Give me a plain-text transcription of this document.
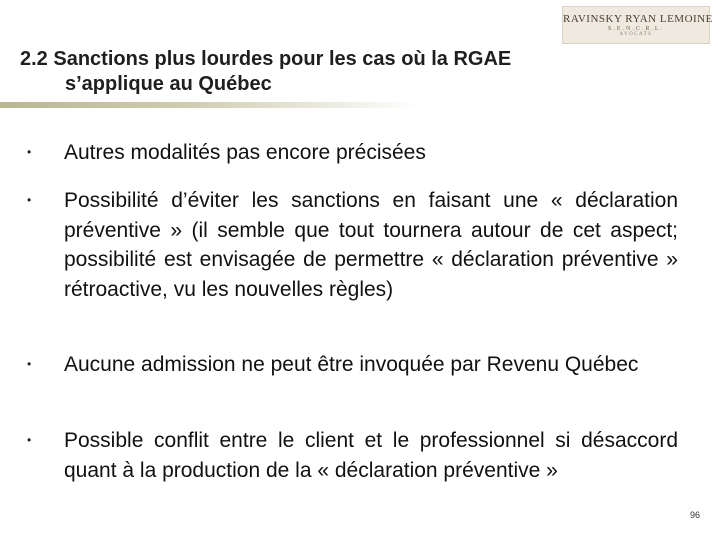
RAVINSKY RYAN LEMOINE
S.E.N.C.R.L.
AVOCATS
2.2 Sanctions plus lourdes pour les cas où la RGAE
s’applique au Québec
• Autres modalités pas encore précisées
• Possibilité d’éviter les sanctions en faisant une « déclaration préventive » (il semble que tout tournera autour de cet aspect; possibilité est envisagée de permettre « déclaration préventive » rétroactive, vu les nouvelles règles)
• Aucune admission ne peut être invoquée par Revenu Québec
• Possible conflit entre le client et le professionnel si désaccord quant à la production de la « déclaration préventive »
96
